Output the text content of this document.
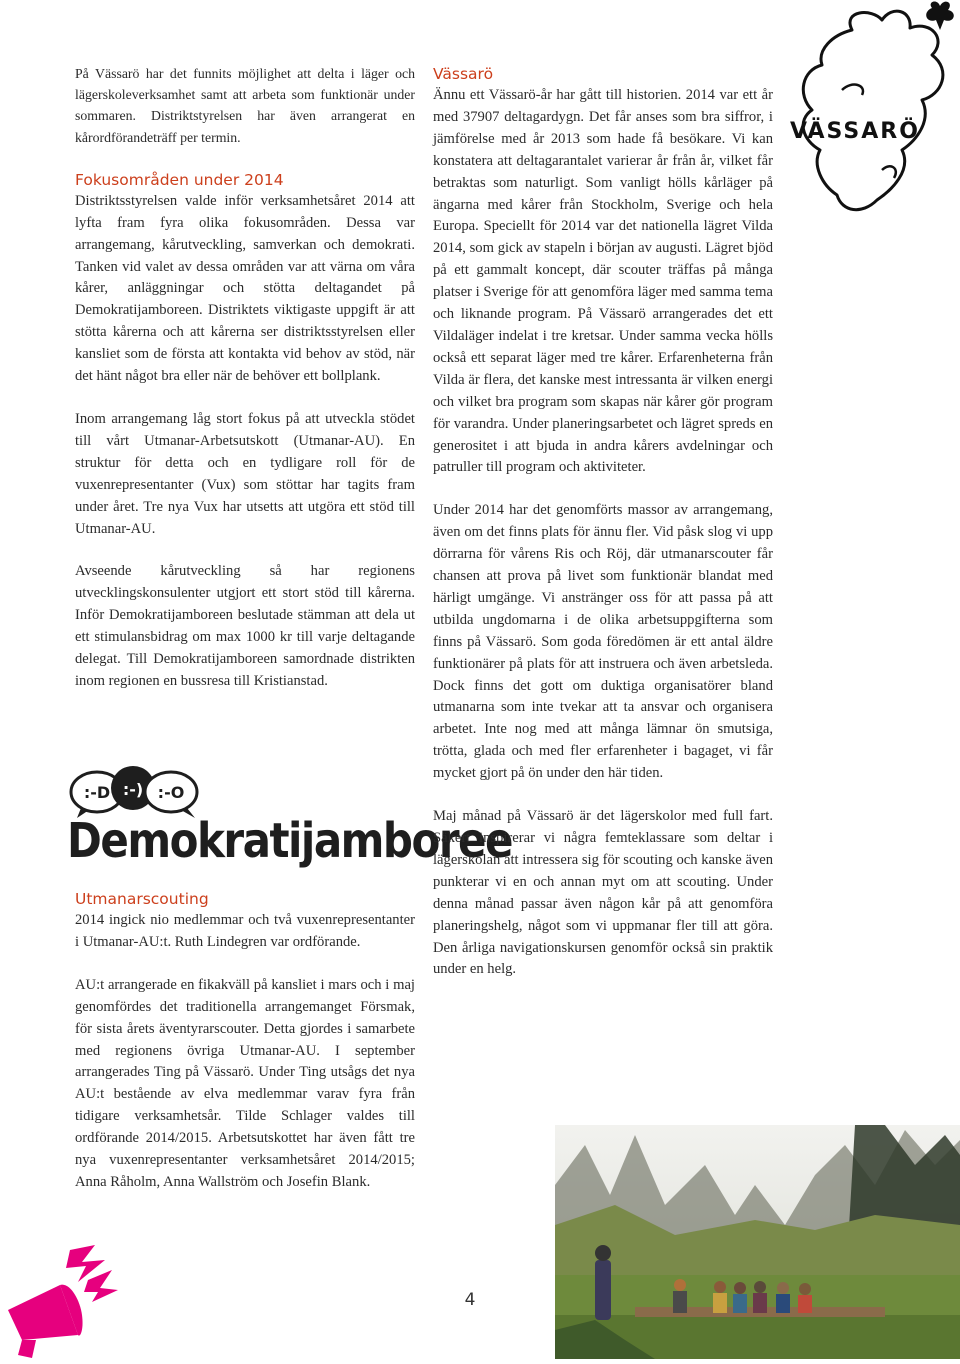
På Vässarö har det funnits möjlighet att delta i läger och lägerskoleverksamhet samt att arbeta som funktionär under sommaren. Distriktstyrelsen har även arrangerat en kårordförandeträff per termin.

Fokusområden under 2014

Distriktsstyrelsen valde inför verksamhetsåret 2014 att lyfta fram fyra olika fokusområden. Dessa var arrangemang, kårutveckling, samverkan och demokrati. Tanken vid valet av dessa områden var att värna om våra kårer, anläggningar och stötta deltagandet på Demokratijamboreen. Distriktets viktigaste uppgift är att stötta kårerna och att kårerna ser distriktsstyrelsen eller kansliet som de första att kontakta vid behov av stöd, när det hänt något bra eller när de behöver ett bollplank.

Inom arrangemang låg stort fokus på att utveckla stödet till vårt Utmanar-Arbetsutskott (Utmanar-AU). En struktur för detta och en tydligare roll för de vuxenrepresentanter (Vux) som stöttar har tagits fram under året. Tre nya Vux har utsetts att utgöra ett stöd till Utmanar-AU.

Avseende kårutveckling så har regionens utvecklingskonsulenter utgjort ett stort stöd till kårerna. Inför Demokratijamboreen beslutade stämman att dela ut ett stimulansbidrag om max 1000 kr till varje deltagande delegat. Till Demokratijamboreen samordnade distrikten inom regionen en bussresa till Kristianstad.

:-D :-) :-O
Demokratijamboree
Utmanarscouting

2014 ingick nio medlemmar och två vuxenrepresentanter i Utmanar-AU:t. Ruth Lindegren var ordförande.

AU:t arrangerade en fikakväll på kansliet i mars och i maj genomfördes det traditionella arrangemanget Försmak, för sista årets äventyrarscouter. Detta gjordes i samarbete med regionens övriga Utmanar-AU. I september arrangerades Ting på Vässarö. Under Ting utsågs det nya AU:t bestående av elva medlemmar varav fyra från tidigare verksamhetsår. Tilde Schlager valdes till ordförande 2014/2015. Arbetsutskottet har även fått tre nya vuxenrepresentanter verksamhetsåret 2014/2015; Anna Råholm, Anna Wallström och Josefin Blank.

Vässarö

Ännu ett Vässarö-år har gått till historien. 2014 var ett år med 37907 deltagardygn. Det får anses som bra siffror, i jämförelse med år 2013 som hade få besökare. Vi kan konstatera att deltagarantalet varierar år från år, vilket får betraktas som naturligt. Som vanligt hölls kårläger på ängarna med kårer från Stockholm, Sverige och hela Europa. Speciellt för 2014 var det nationella lägret Vilda 2014, som gick av stapeln i början av augusti. Lägret bjöd på ett gammalt koncept, där scouter träffas på många platser i Sverige för att genomföra läger med samma tema och liknande program. På Vässarö arrangerades det ett Vildaläger indelat i tre kretsar. Under samma vecka hölls också ett separat läger med tre kårer. Erfarenheterna från Vilda är flera, det kanske mest intressanta är vilken energi och vilket bra program som skapas när kårer gör program för varandra. Under planeringsarbetet och lägret spreds en generositet i att bjuda in andra kårers avdelningar och patruller till program och aktiviteter.

Under 2014 har det genomförts massor av arrangemang, även om det finns plats för ännu fler. Vid påsk slog vi upp dörrarna för vårens Ris och Röj, där utmanarscouter får chansen att prova på livet som funktionär blandat med härligt umgänge. Vi anstränger oss för att passa på att utbilda ungdomarna i de olika arbetsuppgifterna som finns på Vässarö. Som goda föredömen är ett antal äldre funktionärer på plats för att instruera och även arbetsleda. Dock finns det gott om duktiga organisatörer bland utmanarna som inte tvekar att ta ansvar och organisera arbetet. Inte nog med att många lämnar ön smutsiga, trötta, glada och med fler erfarenheter i bagaget, vi får mycket gjort på ön under den här tiden.

Maj månad på Vässarö är det lägerskolor med full fart. Säkert inspirerar vi några femteklassare som deltar i lägerskolan att intressera sig för scouting och kanske även punkterar vi en och annan myt om att scouting. Under denna månad passar även någon kår på att genomföra planeringshelg, något som vi uppmanar fler till att göra. Den årliga navigationskursen genomför också sin praktik under en helg.

VÄSSARÖ
4
